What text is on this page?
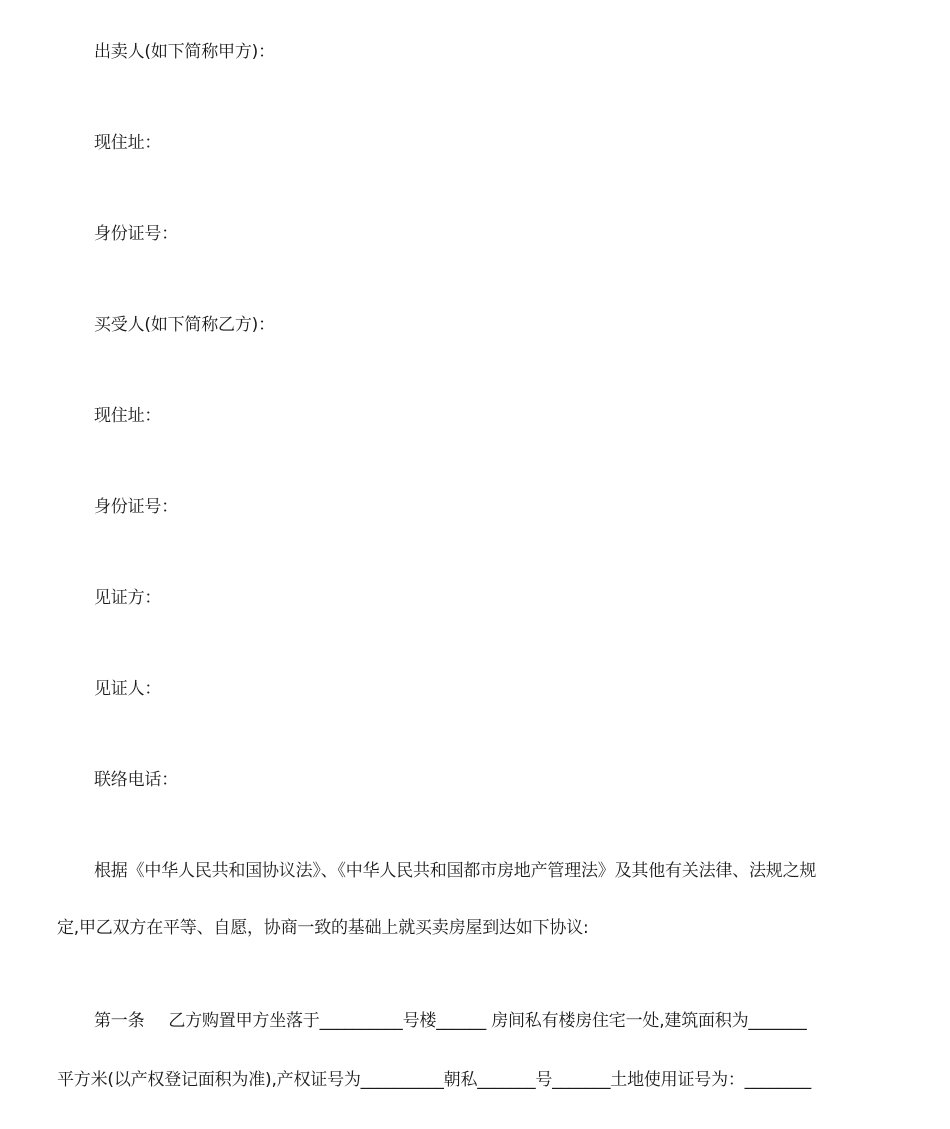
出卖人(如下简称甲方)：
现住址：
身份证号：
买受人(如下简称乙方)：
现住址：
身份证号：
见证方：
见证人：
联络电话：
根据《中华人民共和国协议法》、《中华人民共和国都市房地产管理法》及其他有关法律、法规之规
定,甲乙双方在平等、自愿，协商一致的基础上就买卖房屋到达如下协议:
第一条 乙方购置甲方坐落于__________号楼______ 房间私有楼房住宅一处,建筑面积为_______
平方米(以产权登记面积为准),产权证号为__________朝私_______号_______土地使用证号为：________
